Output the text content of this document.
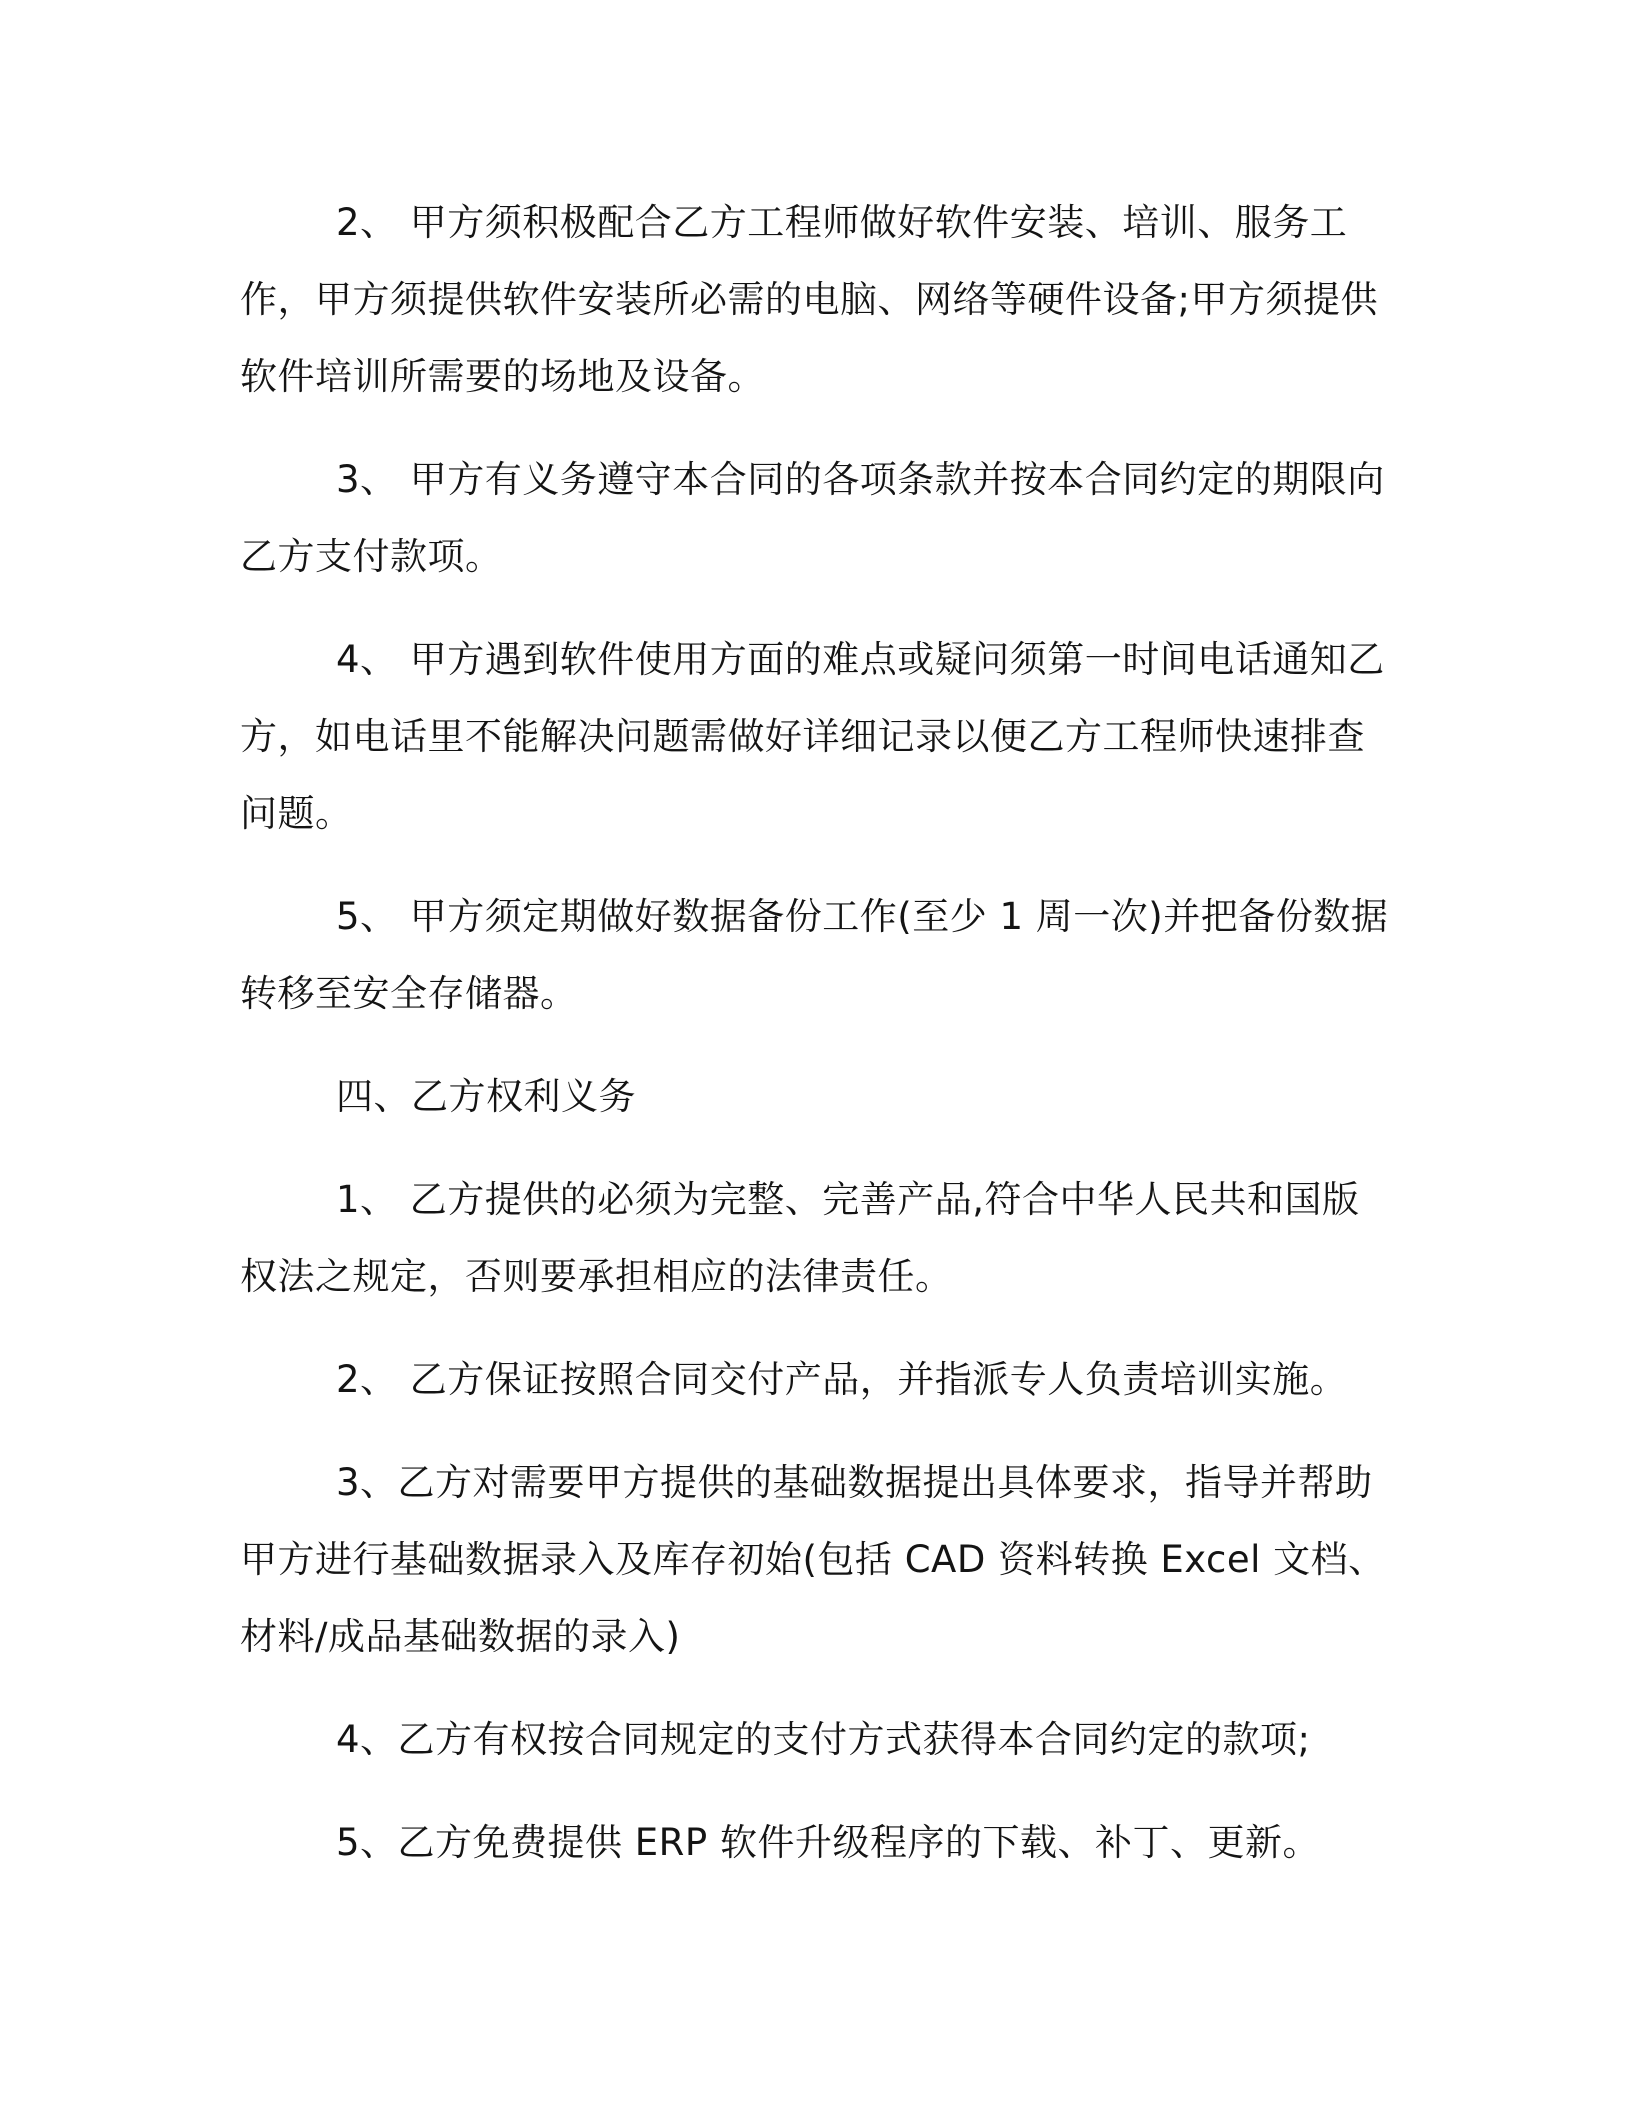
2、 甲方须积极配合乙方工程师做好软件安装、培训、服务工作，甲方须提供软件安装所必需的电脑、网络等硬件设备;甲方须提供软件培训所需要的场地及设备。

3、 甲方有义务遵守本合同的各项条款并按本合同约定的期限向乙方支付款项。

4、 甲方遇到软件使用方面的难点或疑问须第一时间电话通知乙方，如电话里不能解决问题需做好详细记录以便乙方工程师快速排查问题。

5、 甲方须定期做好数据备份工作(至少 1 周一次)并把备份数据转移至安全存储器。

四、乙方权利义务

1、 乙方提供的必须为完整、完善产品,符合中华人民共和国版权法之规定，否则要承担相应的法律责任。

2、 乙方保证按照合同交付产品，并指派专人负责培训实施。

3、乙方对需要甲方提供的基础数据提出具体要求，指导并帮助甲方进行基础数据录入及库存初始(包括 CAD 资料转换 Excel 文档、材料/成品基础数据的录入)

4、乙方有权按合同规定的支付方式获得本合同约定的款项;

5、乙方免费提供 ERP 软件升级程序的下载、补丁、更新。
